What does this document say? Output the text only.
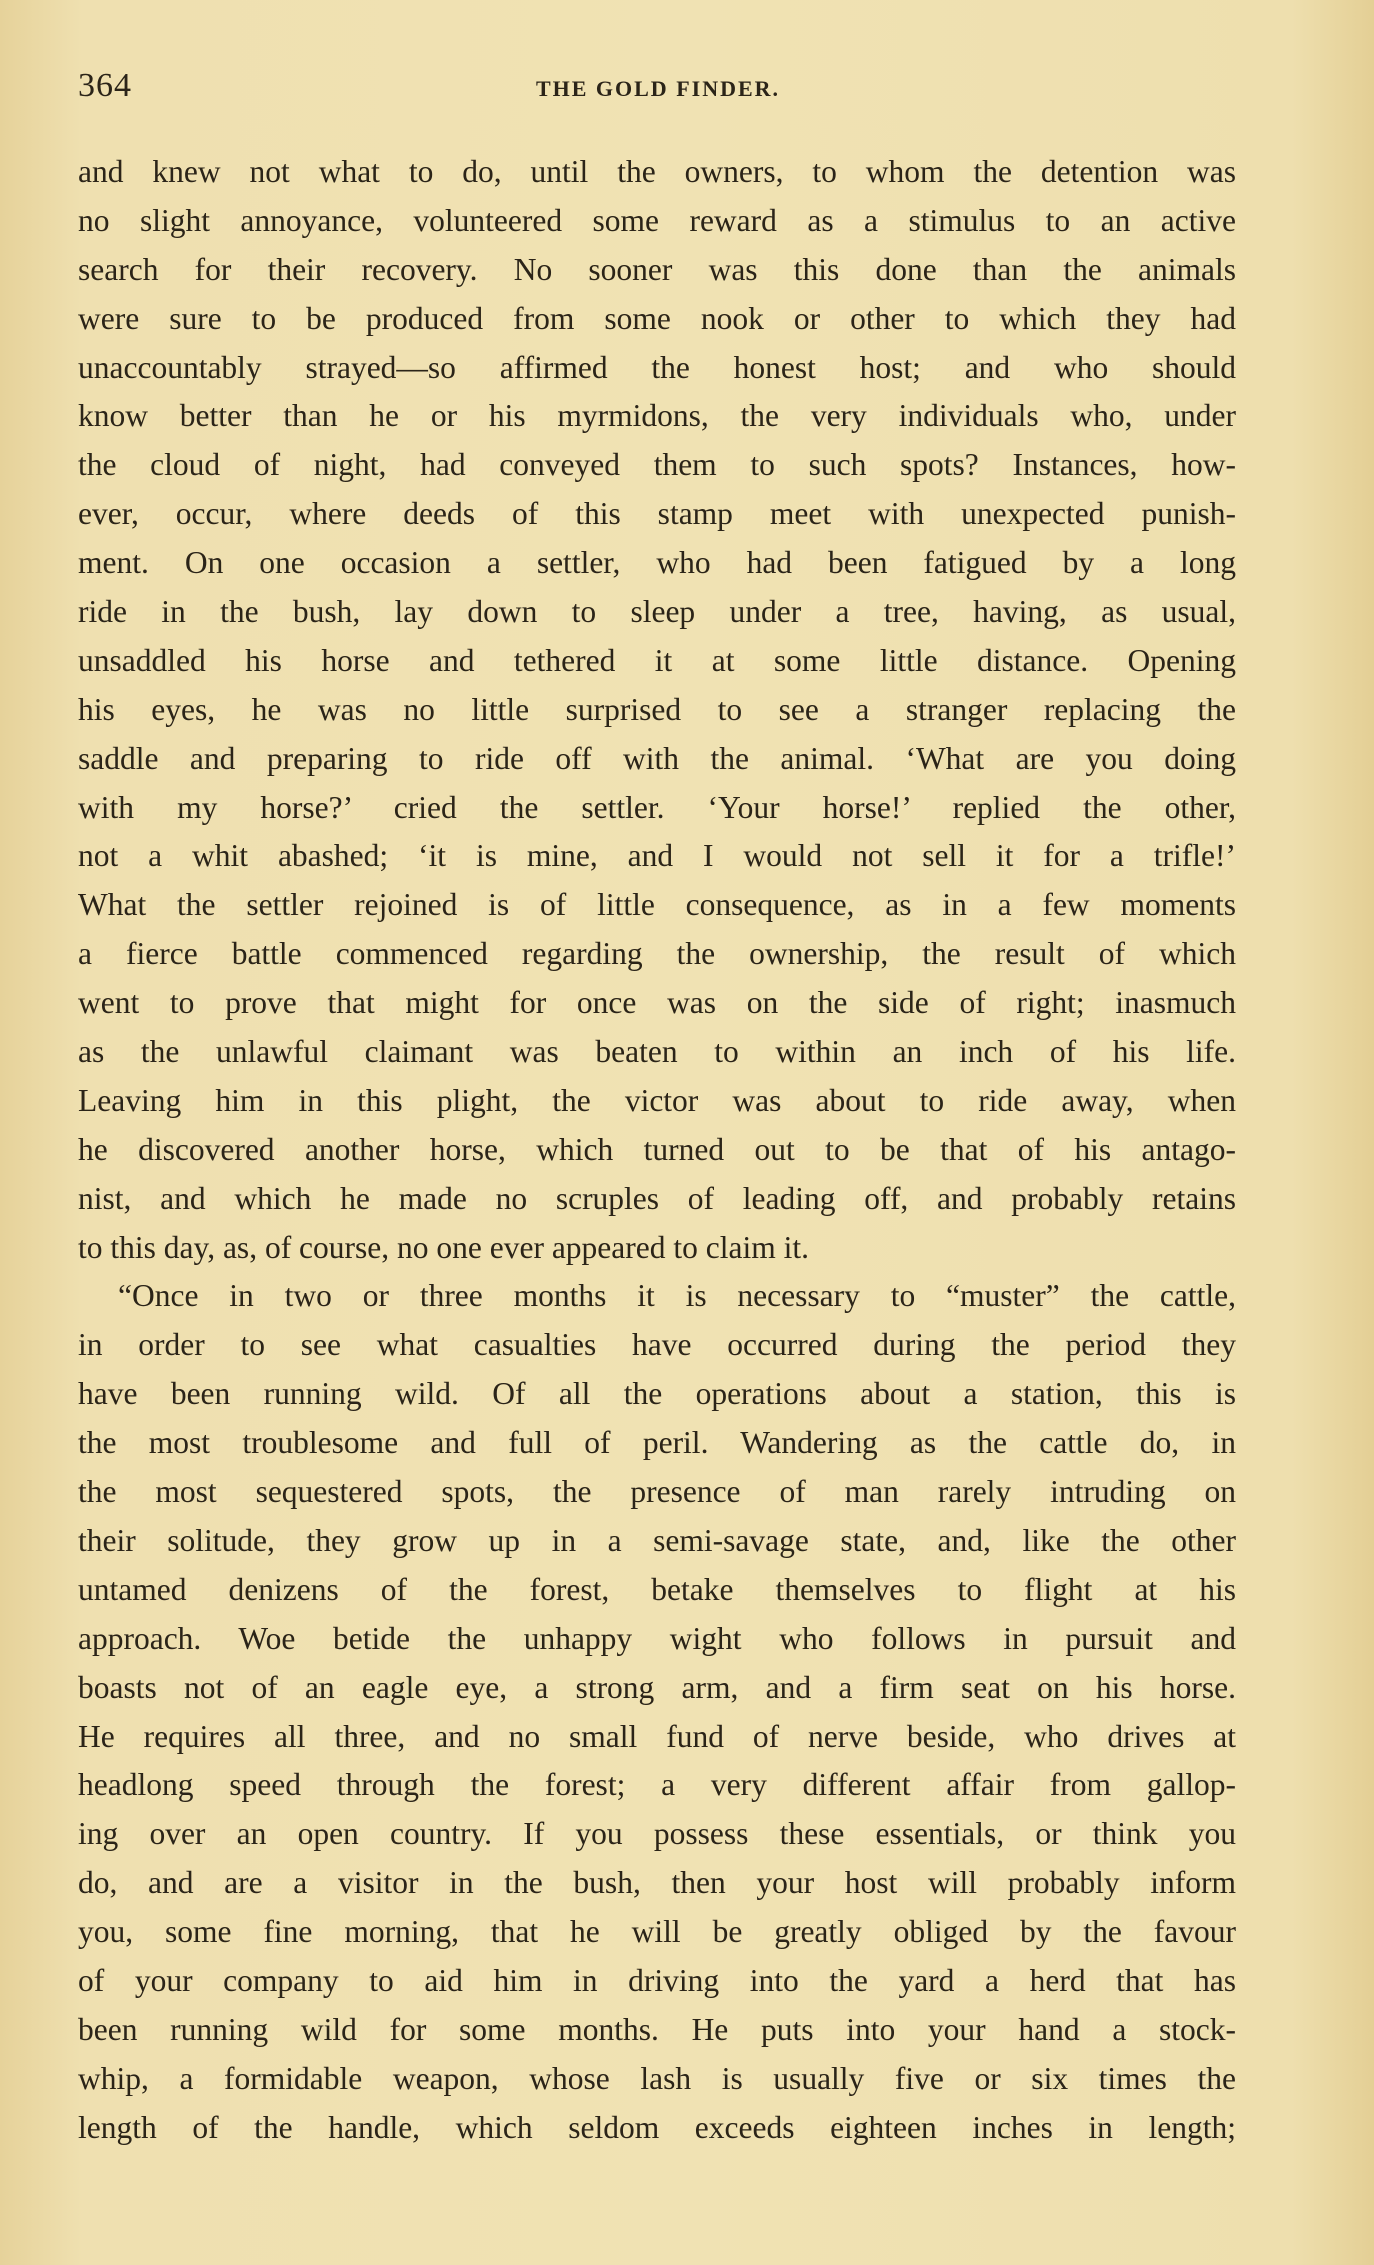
364	THE GOLD FINDER.
and knew not what to do, until the owners, to whom the detention was
no slight annoyance, volunteered some reward as a stimulus to an active
search for their recovery. No sooner was this done than the animals
were sure to be produced from some nook or other to which they had
unaccountably strayed—so affirmed the honest host; and who should
know better than he or his myrmidons, the very individuals who, under
the cloud of night, had conveyed them to such spots? Instances, how-
ever, occur, where deeds of this stamp meet with unexpected punish-
ment. On one occasion a settler, who had been fatigued by a long
ride in the bush, lay down to sleep under a tree, having, as usual,
unsaddled his horse and tethered it at some little distance. Opening
his eyes, he was no little surprised to see a stranger replacing the
saddle and preparing to ride off with the animal. ‘What are you doing
with my horse?’ cried the settler. ‘Your horse!’ replied the other,
not a whit abashed; ‘it is mine, and I would not sell it for a trifle!’
What the settler rejoined is of little consequence, as in a few moments
a fierce battle commenced regarding the ownership, the result of which
went to prove that might for once was on the side of right; inasmuch
as the unlawful claimant was beaten to within an inch of his life.
Leaving him in this plight, the victor was about to ride away, when
he discovered another horse, which turned out to be that of his antago-
nist, and which he made no scruples of leading off, and probably retains
to this day, as, of course, no one ever appeared to claim it.
“Once in two or three months it is necessary to “muster” the cattle,
in order to see what casualties have occurred during the period they
have been running wild. Of all the operations about a station, this is
the most troublesome and full of peril. Wandering as the cattle do, in
the most sequestered spots, the presence of man rarely intruding on
their solitude, they grow up in a semi-savage state, and, like the other
untamed denizens of the forest, betake themselves to flight at his
approach. Woe betide the unhappy wight who follows in pursuit and
boasts not of an eagle eye, a strong arm, and a firm seat on his horse.
He requires all three, and no small fund of nerve beside, who drives at
headlong speed through the forest; a very different affair from gallop-
ing over an open country. If you possess these essentials, or think you
do, and are a visitor in the bush, then your host will probably inform
you, some fine morning, that he will be greatly obliged by the favour
of your company to aid him in driving into the yard a herd that has
been running wild for some months. He puts into your hand a stock-
whip, a formidable weapon, whose lash is usually five or six times the
length of the handle, which seldom exceeds eighteen inches in length;
